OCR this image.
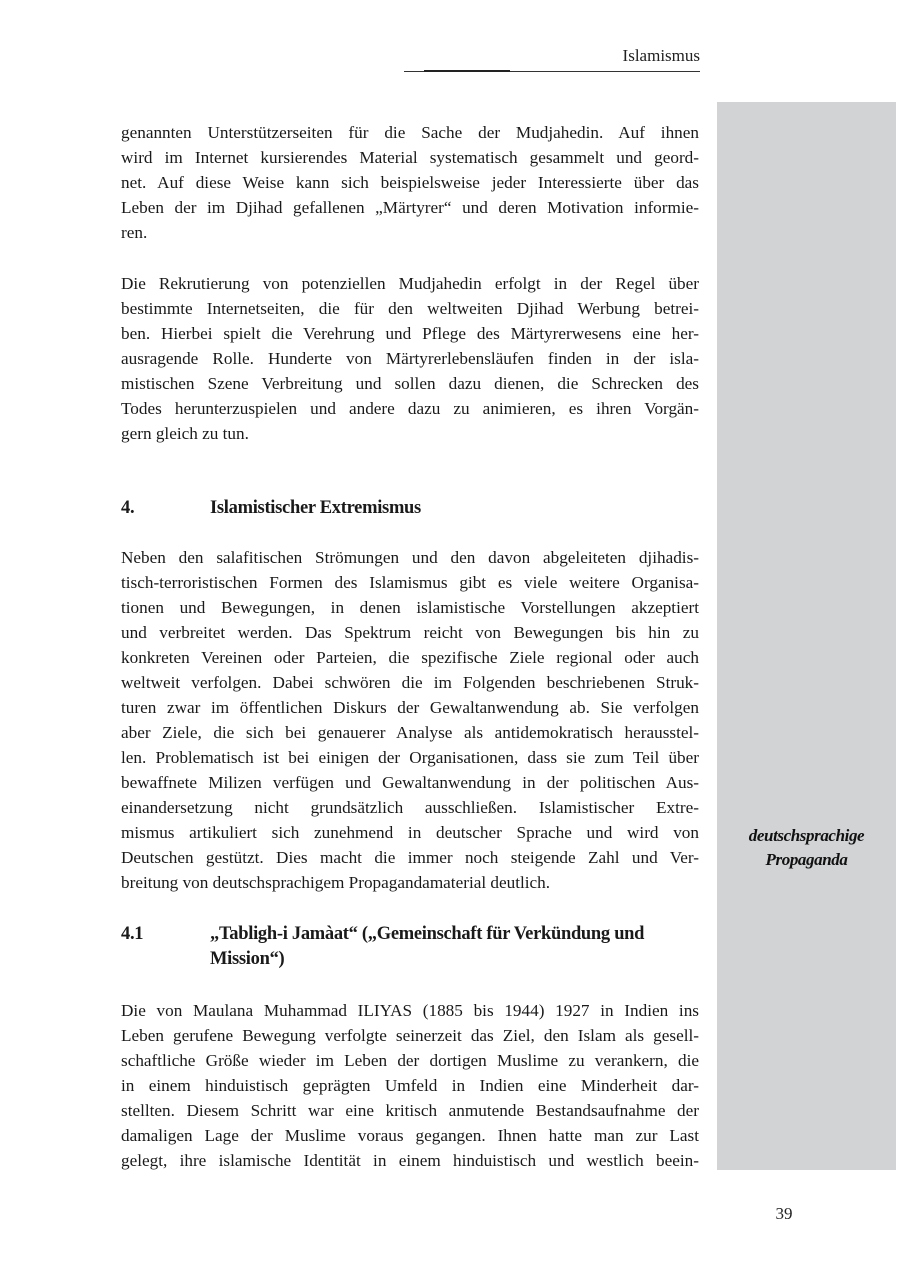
Islamismus
deutschsprachige
Propaganda
genannten Unterstützerseiten für die Sache der Mudjahedin. Auf ihnen
wird im Internet kursierendes Material systematisch gesammelt und geord-
net. Auf diese Weise kann sich beispielsweise jeder Interessierte über das
Leben der im Djihad gefallenen „Märtyrer“ und deren Motivation informie-
ren.
Die Rekrutierung von potenziellen Mudjahedin erfolgt in der Regel über
bestimmte Internetseiten, die für den weltweiten Djihad Werbung betrei-
ben. Hierbei spielt die Verehrung und Pflege des Märtyrerwesens eine her-
ausragende Rolle. Hunderte von Märtyrerlebensläufen finden in der isla-
mistischen Szene Verbreitung und sollen dazu dienen, die Schrecken des
Todes herunterzuspielen und andere dazu zu animieren, es ihren Vorgän-
gern gleich zu tun.
4.	Islamistischer Extremismus
Neben den salafitischen Strömungen und den davon abgeleiteten djihadis-
tisch-terroristischen Formen des Islamismus gibt es viele weitere Organisa-
tionen und Bewegungen, in denen islamistische Vorstellungen akzeptiert
und verbreitet werden. Das Spektrum reicht von Bewegungen bis hin zu
konkreten Vereinen oder Parteien, die spezifische Ziele regional oder auch
weltweit verfolgen. Dabei schwören die im Folgenden beschriebenen Struk-
turen zwar im öffentlichen Diskurs der Gewaltanwendung ab. Sie verfolgen
aber Ziele, die sich bei genauerer Analyse als antidemokratisch herausstel-
len. Problematisch ist bei einigen der Organisationen, dass sie zum Teil über
bewaffnete Milizen verfügen und Gewaltanwendung in der politischen Aus-
einandersetzung nicht grundsätzlich ausschließen. Islamistischer Extre-
mismus artikuliert sich zunehmend in deutscher Sprache und wird von
Deutschen gestützt. Dies macht die immer noch steigende Zahl und Ver-
breitung von deutschsprachigem Propagandamaterial deutlich.
4.1	„Tabligh-i Jamàat“ („Gemeinschaft für Verkündung und
Mission“)
Die von Maulana Muhammad ILIYAS (1885 bis 1944) 1927 in Indien ins
Leben gerufene Bewegung verfolgte seinerzeit das Ziel, den Islam als gesell-
schaftliche Größe wieder im Leben der dortigen Muslime zu verankern, die
in einem hinduistisch geprägten Umfeld in Indien eine Minderheit dar-
stellten. Diesem Schritt war eine kritisch anmutende Bestandsaufnahme der
damaligen Lage der Muslime voraus gegangen. Ihnen hatte man zur Last
gelegt, ihre islamische Identität in einem hinduistisch und westlich beein-
39
